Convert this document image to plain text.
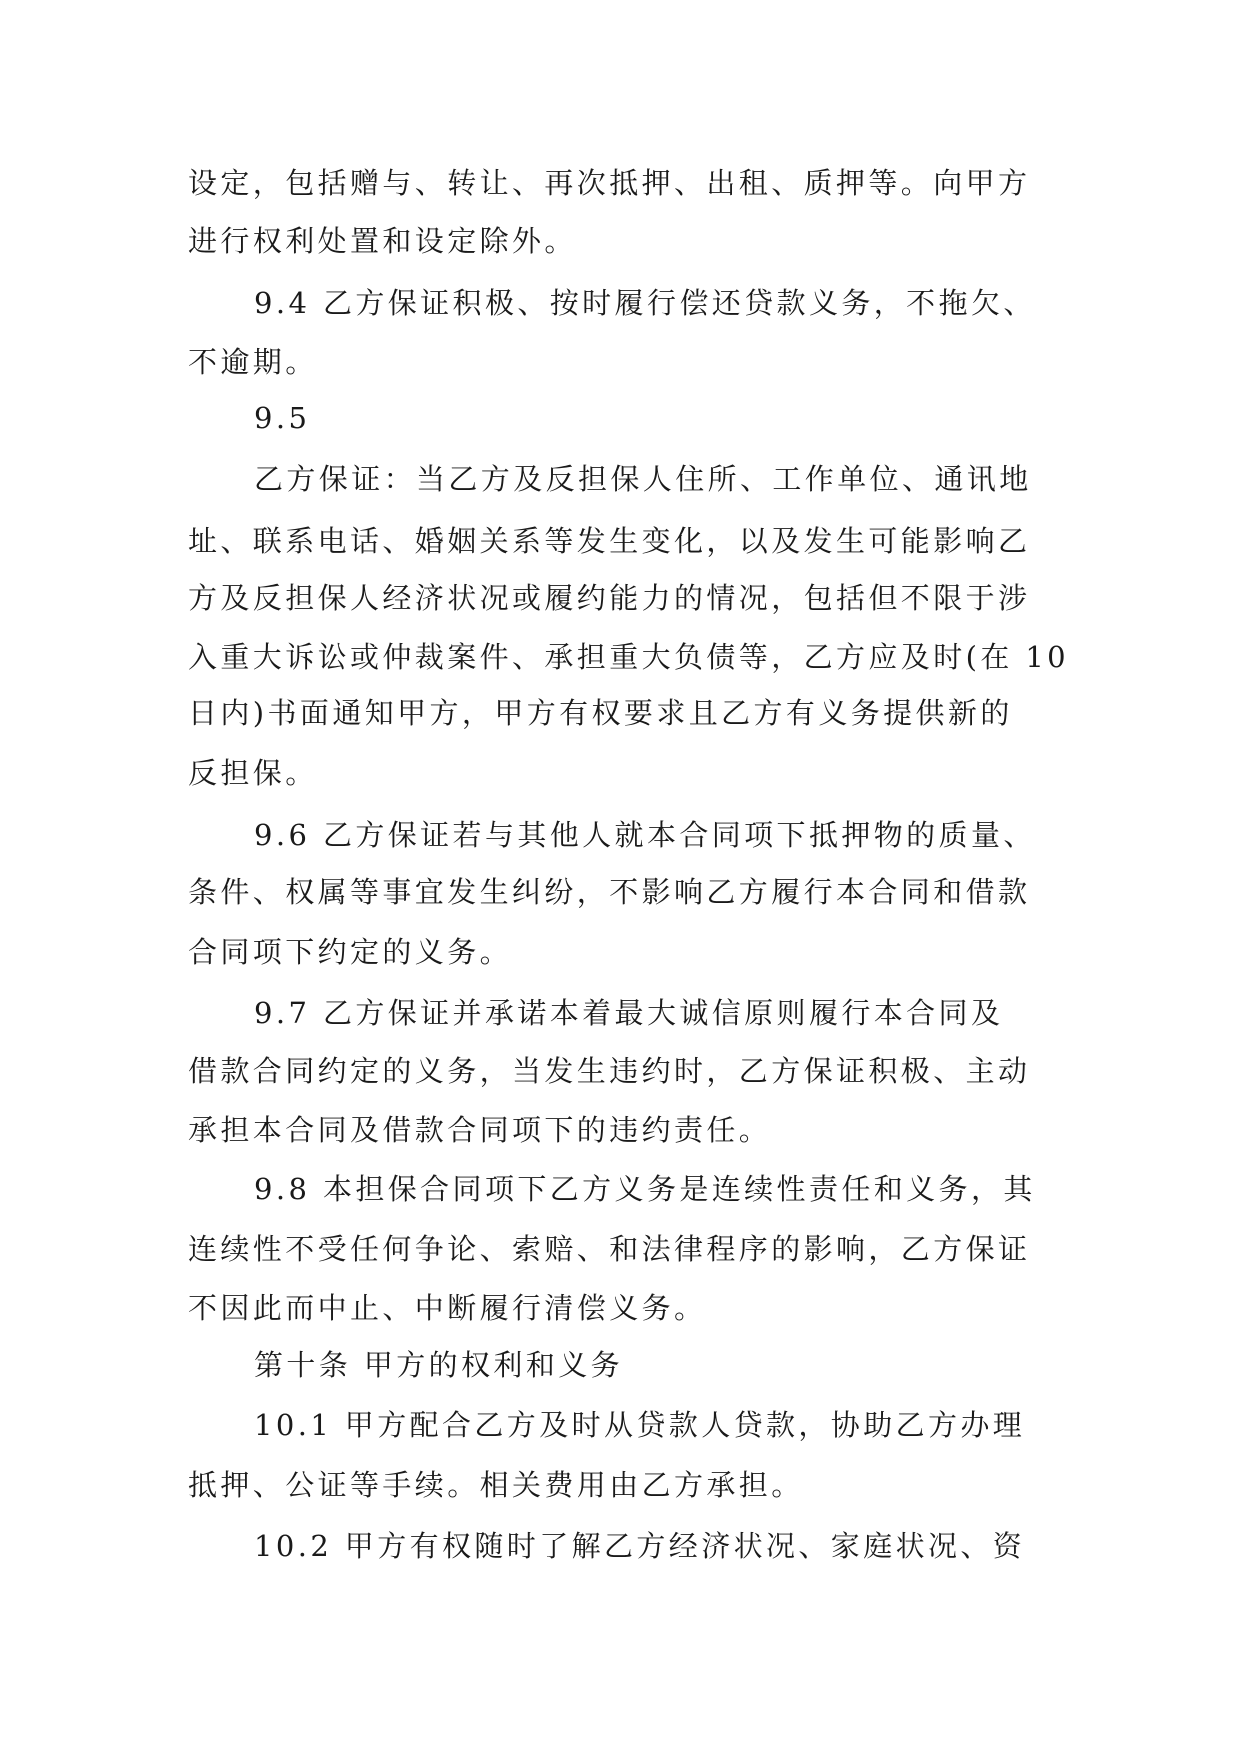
设定，包括赠与、转让、再次抵押、出租、质押等。向甲方

进行权利处置和设定除外。

9.4 乙方保证积极、按时履行偿还贷款义务，不拖欠、

不逾期。

9.5

乙方保证：当乙方及反担保人住所、工作单位、通讯地

址、联系电话、婚姻关系等发生变化，以及发生可能影响乙

方及反担保人经济状况或履约能力的情况，包括但不限于涉

入重大诉讼或仲裁案件、承担重大负债等，乙方应及时(在 10

日内)书面通知甲方，甲方有权要求且乙方有义务提供新的

反担保。

9.6 乙方保证若与其他人就本合同项下抵押物的质量、

条件、权属等事宜发生纠纷，不影响乙方履行本合同和借款

合同项下约定的义务。

9.7 乙方保证并承诺本着最大诚信原则履行本合同及

借款合同约定的义务，当发生违约时，乙方保证积极、主动

承担本合同及借款合同项下的违约责任。

9.8 本担保合同项下乙方义务是连续性责任和义务，其

连续性不受任何争论、索赔、和法律程序的影响，乙方保证

不因此而中止、中断履行清偿义务。

第十条 甲方的权利和义务

10.1 甲方配合乙方及时从贷款人贷款，协助乙方办理

抵押、公证等手续。相关费用由乙方承担。

10.2 甲方有权随时了解乙方经济状况、家庭状况、资
